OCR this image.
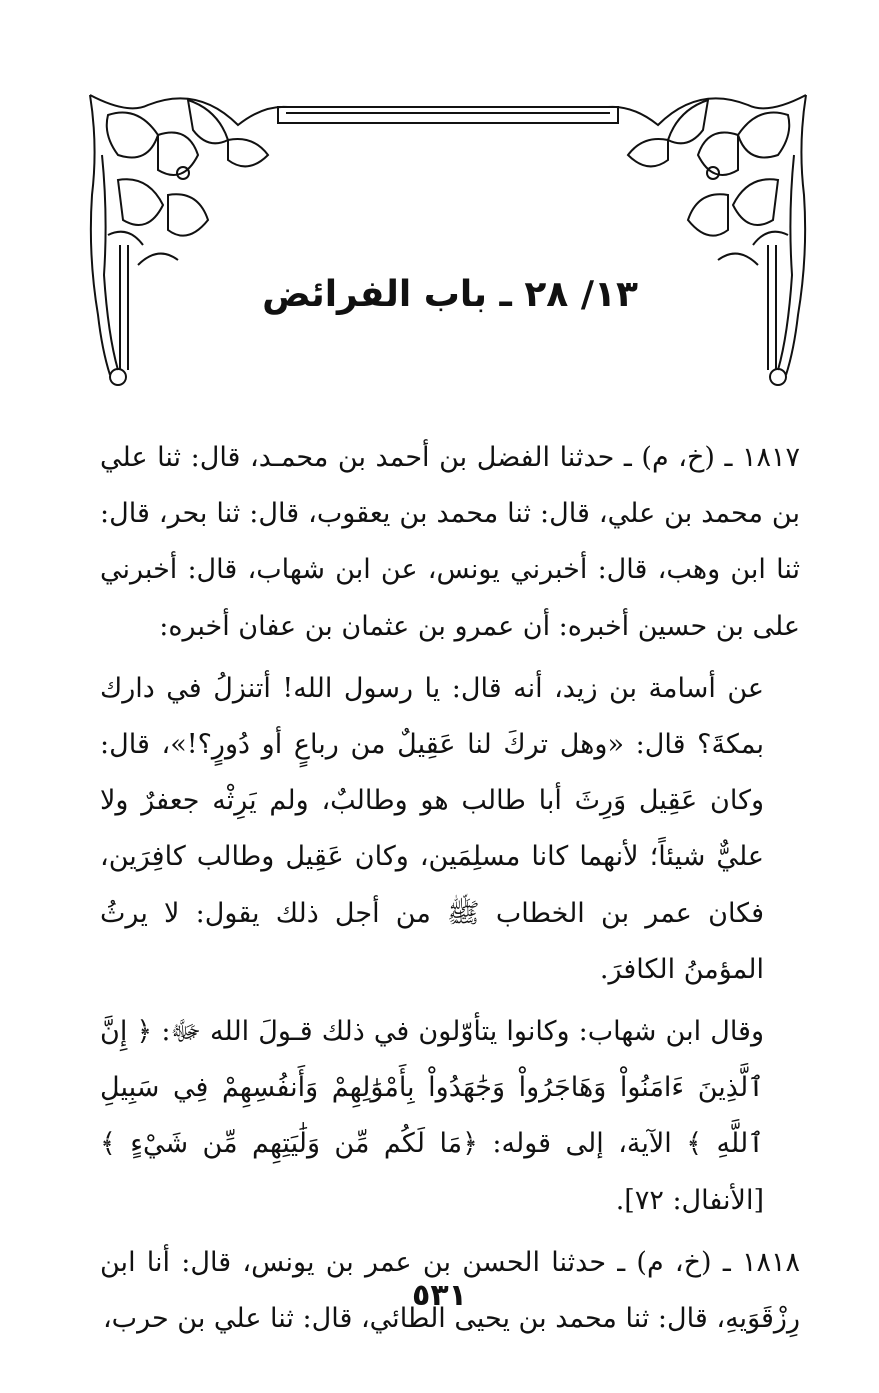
١٣/ ٢٨ ـ باب الفرائض

١٨١٧ ـ (خ، م) ـ حدثنا الفضل بن أحمد بن محمـد، قال: ثنا علي بن محمد بن علي، قال: ثنا محمد بن يعقوب، قال: ثنا بحر، قال: ثنا ابن وهب، قال: أخبرني يونس، عن ابن شهاب، قال: أخبرني على بن حسين أخبره: أن عمرو بن عثمان بن عفان أخبره:

عن أسامة بن زيد، أنه قال: يا رسول الله! أتنزلُ في دارك بمكةَ؟ قال: «وهل تركَ لنا عَقِيلٌ من رباعٍ أو دُورٍ؟!»، قال: وكان عَقِيل وَرِثَ أبا طالب هو وطالبٌ، ولم يَرِثْه جعفرٌ ولا عليٌّ شيئاً؛ لأنهما كانا مسلِمَين، وكان عَقِيل وطالب كافِرَين، فكان عمر بن الخطاب ﷺ من أجل ذلك يقول: لا يرثُ المؤمنُ الكافرَ.

وقال ابن شهاب: وكانوا يتأوّلون في ذلك قـولَ الله ﷻ: ﴿ إِنَّ ٱلَّذِينَ ءَامَنُواْ وَهَاجَرُواْ وَجَٰهَدُواْ بِأَمْوَٰلِهِمْ وَأَنفُسِهِمْ فِي سَبِيلِ ٱللَّهِ ﴾ الآية، إلى قوله: ﴿مَا لَكُم مِّن وَلَٰيَتِهِم مِّن شَيْءٍ ﴾[الأنفال: ٧٢].

١٨١٨ ـ (خ، م) ـ حدثنا الحسن بن عمر بن يونس، قال: أنا ابن رِزْقَوَيهِ، قال: ثنا محمد بن يحيى الطائي، قال: ثنا علي بن حرب،

٥٣١
